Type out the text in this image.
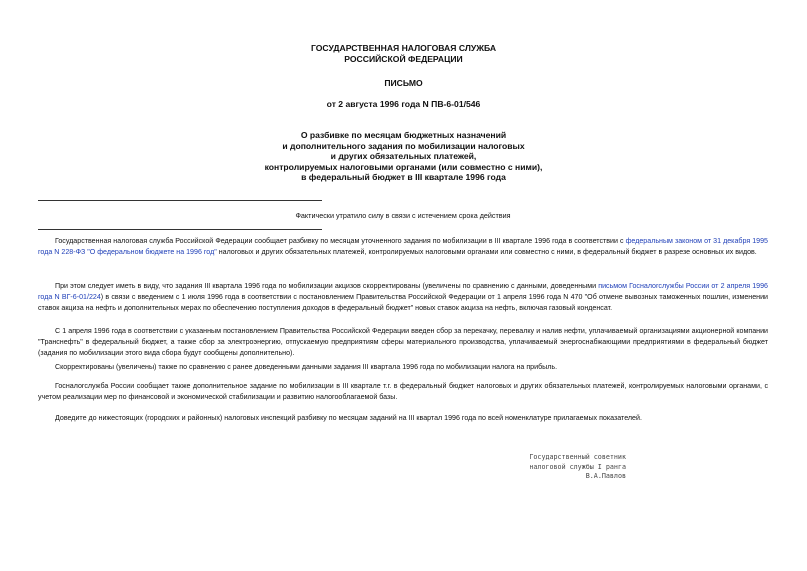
ГОСУДАРСТВЕННАЯ НАЛОГОВАЯ СЛУЖБА
РОССИЙСКОЙ ФЕДЕРАЦИИ
ПИСЬМО
от 2 августа 1996 года N ПВ-6-01/546
О разбивке по месяцам бюджетных назначений
и дополнительного задания по мобилизации налоговых
и других обязательных платежей,
контролируемых налоговыми органами (или совместно с ними),
в федеральный бюджет в III квартале 1996 года
Фактически утратило силу в связи с истечением срока действия
Государственная налоговая служба Российской Федерации сообщает разбивку по месяцам уточненного задания по мобилизации в III квартале 1996 года в соответствии с федеральным законом от 31 декабря 1995 года N 228-ФЗ "О федеральном бюджете на 1996 год" налоговых и других обязательных платежей, контролируемых налоговыми органами или совместно с ними, в федеральный бюджет в разрезе основных их видов.
При этом следует иметь в виду, что задания III квартала 1996 года по мобилизации акцизов скорректированы (увеличены по сравнению с данными, доведенными письмом Госналогслужбы России от 2 апреля 1996 года N ВГ-6-01/224) в связи с введением с 1 июля 1996 года в соответствии с постановлением Правительства Российской Федерации от 1 апреля 1996 года N 470 "Об отмене вывозных таможенных пошлин, изменении ставок акциза на нефть и дополнительных мерах по обеспечению поступления доходов в федеральный бюджет" новых ставок акциза на нефть, включая газовый конденсат.
С 1 апреля 1996 года в соответствии с указанным постановлением Правительства Российской Федерации введен сбор за перекачку, перевалку и налив нефти, уплачиваемый организациями акционерной компании "Транснефть" в федеральный бюджет, а также сбор за электроэнергию, отпускаемую предприятиям сферы материального производства, уплачиваемый энергоснабжающими предприятиями в федеральный бюджет (задания по мобилизации этого вида сбора будут сообщены дополнительно).
Скорректированы (увеличены) также по сравнению с ранее доведенными данными задания III квартала 1996 года по мобилизации налога на прибыль.
Госналогслужба России сообщает также дополнительное задание по мобилизации в III квартале т.г. в федеральный бюджет налоговых и других обязательных платежей, контролируемых налоговыми органами, с учетом реализации мер по финансовой и экономической стабилизации и развитию налогооблагаемой базы.
Доведите до нижестоящих (городских и районных) налоговых инспекций разбивку по месяцам заданий на III квартал 1996 года по всей номенклатуре прилагаемых показателей.
Государственный советник
налоговой службы I ранга
В.А.Павлов
